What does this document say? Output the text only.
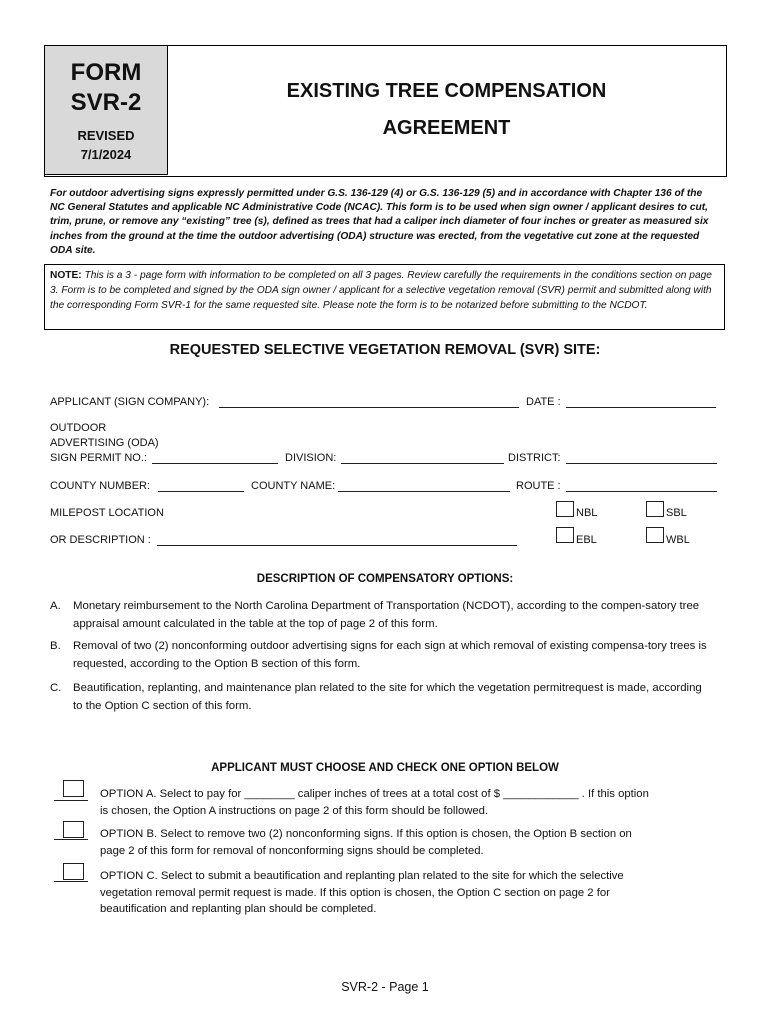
FORM
SVR-2
REVISED
7/1/2024
EXISTING TREE COMPENSATION
AGREEMENT
For outdoor advertising signs expressly permitted under G.S. 136-129 (4) or G.S. 136-129 (5) and in accordance with Chapter 136 of the NC General Statutes and applicable NC Administrative Code (NCAC). This form is to be used when sign owner / applicant desires to cut, trim, prune, or remove any “existing” tree (s), defined as trees that had a caliper inch diameter of four inches or greater as measured six inches from the ground at the time the outdoor advertising (ODA) structure was erected, from the vegetative cut zone at the requested ODA site.
NOTE: This is a 3 - page form with information to be completed on all 3 pages. Review carefully the requirements in the conditions section on page 3. Form is to be completed and signed by the ODA sign owner / applicant for a selective vegetation removal (SVR) permit and submitted along with the corresponding Form SVR-1 for the same requested site. Please note the form is to be notarized before submitting to the NCDOT.
REQUESTED SELECTIVE VEGETATION REMOVAL (SVR) SITE:
APPLICANT (SIGN COMPANY):	DATE :
OUTDOOR
ADVERTISING (ODA)
SIGN PERMIT NO.:	DIVISION:	DISTRICT:
COUNTY NUMBER:	COUNTY NAME:	ROUTE :
MILEPOST LOCATION	NBL	SBL
OR DESCRIPTION :	EBL	WBL
DESCRIPTION OF COMPENSATORY OPTIONS:
A. Monetary reimbursement to the North Carolina Department of Transportation (NCDOT), according to the compen-satory tree appraisal amount calculated in the table at the top of page 2 of this form.
B. Removal of two (2) nonconforming outdoor advertising signs for each sign at which removal of existing compensa-tory trees is requested, according to the Option B section of this form.
C. Beautification, replanting, and maintenance plan related to the site for which the vegetation permitrequest is made, according to the Option C section of this form.
APPLICANT MUST CHOOSE AND CHECK ONE OPTION BELOW
OPTION A. Select to pay for ________ caliper inches of trees at a total cost of $ ____________ . If this option
is chosen, the Option A instructions on page 2 of this form should be followed.
OPTION B. Select to remove two (2) nonconforming signs. If this option is chosen, the Option B section on
page 2 of this form for removal of nonconforming signs should be completed.
OPTION C. Select to submit a beautification and replanting plan related to the site for which the selective
vegetation removal permit request is made. If this option is chosen, the Option C section on page 2 for
beautification and replanting plan should be completed.
SVR-2 - Page 1
